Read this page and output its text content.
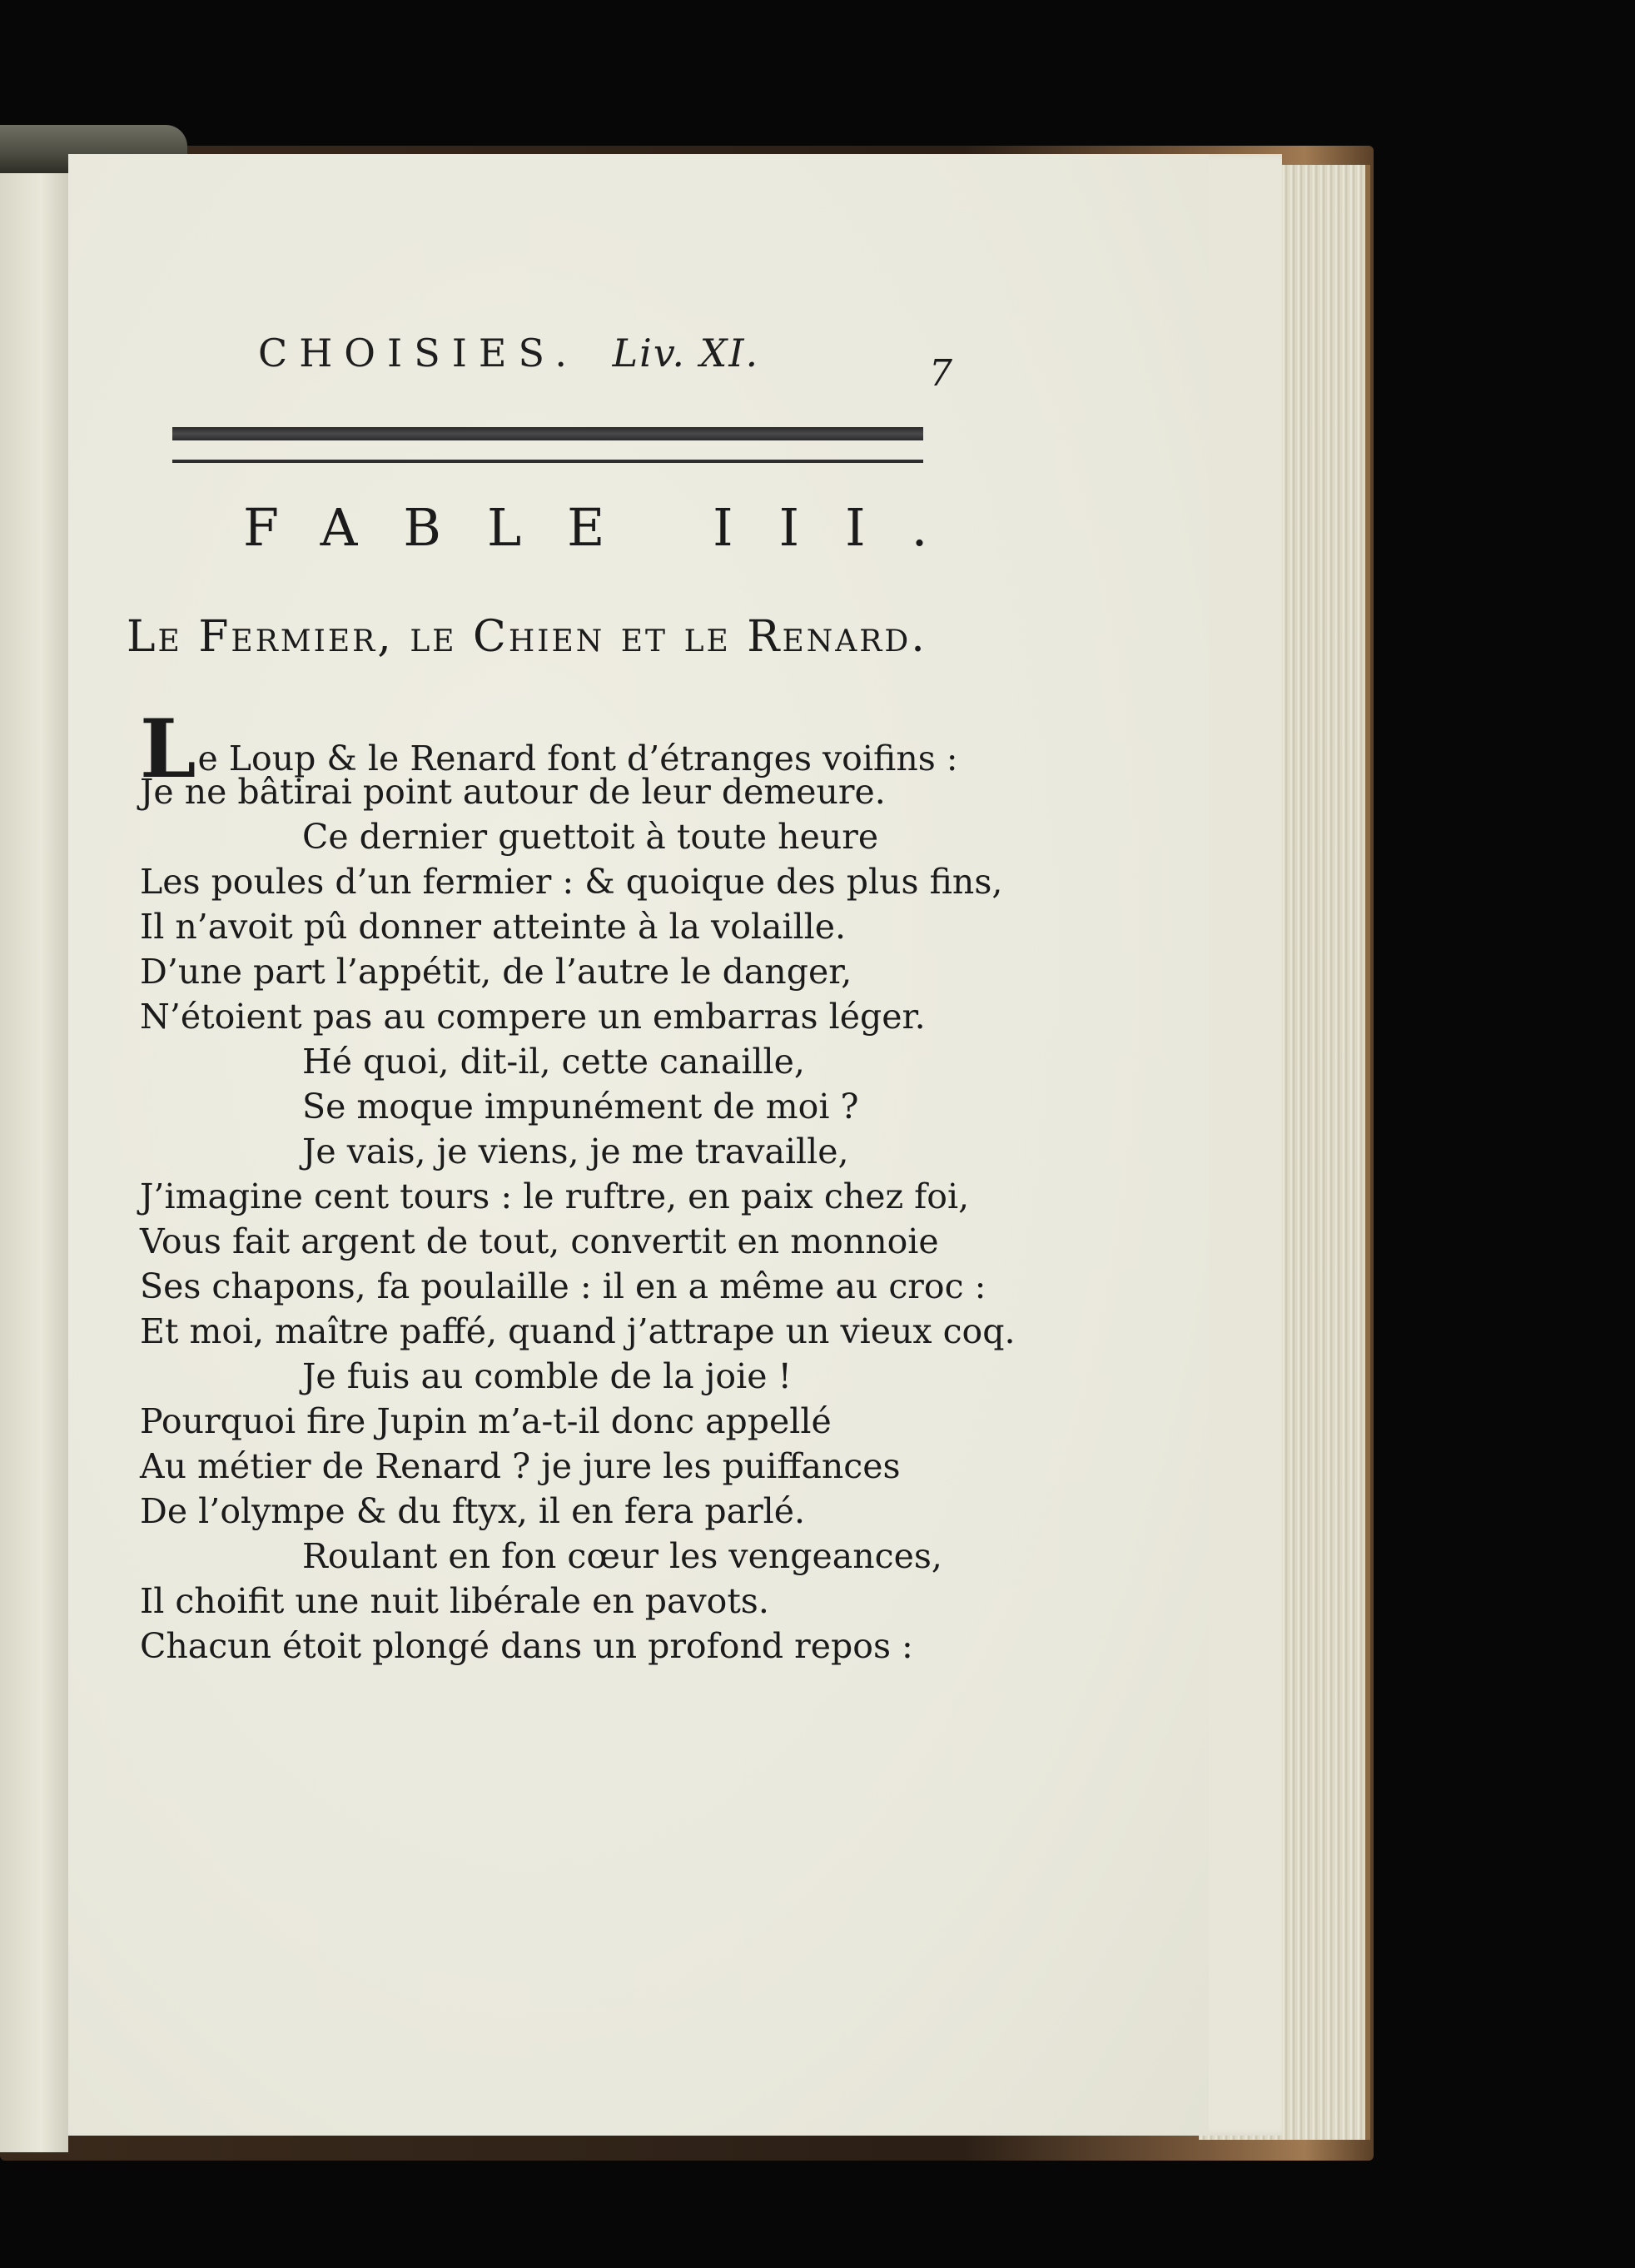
CHOISIES. Liv. XI.	7
FABLE III.
Le Fermier, le Chien et le Renard.
Le Loup & le Renard font d’étranges voifins :
Je ne bâtirai point autour de leur demeure.
Ce dernier guettoit à toute heure
Les poules d’un fermier : & quoique des plus fins,
Il n’avoit pû donner atteinte à la volaille.
D’une part l’appétit, de l’autre le danger,
N’étoient pas au compere un embarras léger.
Hé quoi, dit-il, cette canaille,
Se moque impunément de moi ?
Je vais, je viens, je me travaille,
J’imagine cent tours : le ruftre, en paix chez foi,
Vous fait argent de tout, convertit en monnoie
Ses chapons, fa poulaille : il en a même au croc :
Et moi, maître paffé, quand j’attrape un vieux coq.
Je fuis au comble de la joie !
Pourquoi fire Jupin m’a-t-il donc appellé
Au métier de Renard ? je jure les puiffances
De l’olympe & du ftyx, il en fera parlé.
Roulant en fon cœur les vengeances,
Il choifit une nuit libérale en pavots.
Chacun étoit plongé dans un profond repos :
